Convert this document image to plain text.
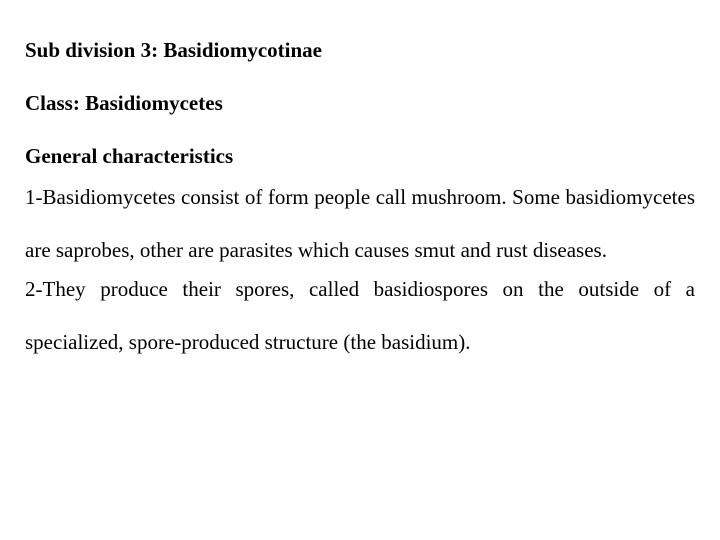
Sub division 3: Basidiomycotinae

Class: Basidiomycetes

General characteristics

1-Basidiomycetes consist of form people call mushroom. Some basidiomycetes are saprobes, other are parasites which causes smut and rust diseases.

2-They produce their spores, called basidiospores on the outside of a specialized, spore-produced structure (the basidium).
